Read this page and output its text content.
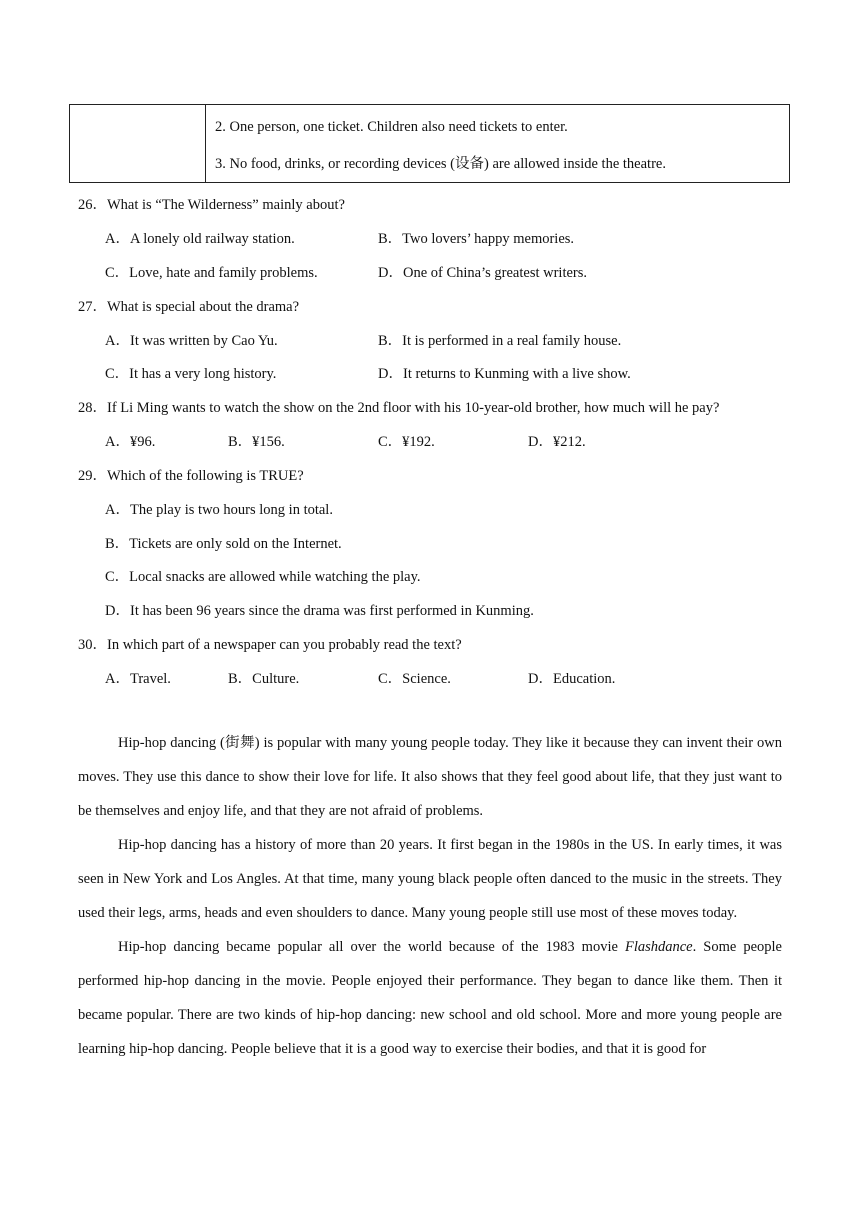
2. One person, one ticket. Children also need tickets to enter.
3. No food, drinks, or recording devices (设备) are allowed inside the theatre.
26．What is “The Wilderness” mainly about?
A．A lonely old railway station.	B．Two lovers’ happy memories.
C．Love, hate and family problems.	D．One of China’s greatest writers.
27．What is special about the drama?
A．It was written by Cao Yu.	B．It is performed in a real family house.
C．It has a very long history.	D．It returns to Kunming with a live show.
28．If Li Ming wants to watch the show on the 2nd floor with his 10-year-old brother, how much will he pay?
A．¥96.	B．¥156.	C．¥192.	D．¥212.
29．Which of the following is TRUE?
A．The play is two hours long in total.
B．Tickets are only sold on the Internet.
C．Local snacks are allowed while watching the play.
D．It has been 96 years since the drama was first performed in Kunming.
30．In which part of a newspaper can you probably read the text?
A．Travel.	B．Culture.	C．Science.	D．Education.

Hip-hop dancing (街舞) is popular with many young people today. They like it because they can invent their own moves. They use this dance to show their love for life. It also shows that they feel good about life, that they just want to be themselves and enjoy life, and that they are not afraid of problems.

Hip-hop dancing has a history of more than 20 years. It first began in the 1980s in the US. In early times, it was seen in New York and Los Angles. At that time, many young black people often danced to the music in the streets. They used their legs, arms, heads and even shoulders to dance. Many young people still use most of these moves today.

Hip-hop dancing became popular all over the world because of the 1983 movie Flashdance. Some people performed hip-hop dancing in the movie. People enjoyed their performance. They began to dance like them. Then it became popular. There are two kinds of hip-hop dancing: new school and old school. More and more young people are learning hip-hop dancing. People believe that it is a good way to exercise their bodies, and that it is good for
